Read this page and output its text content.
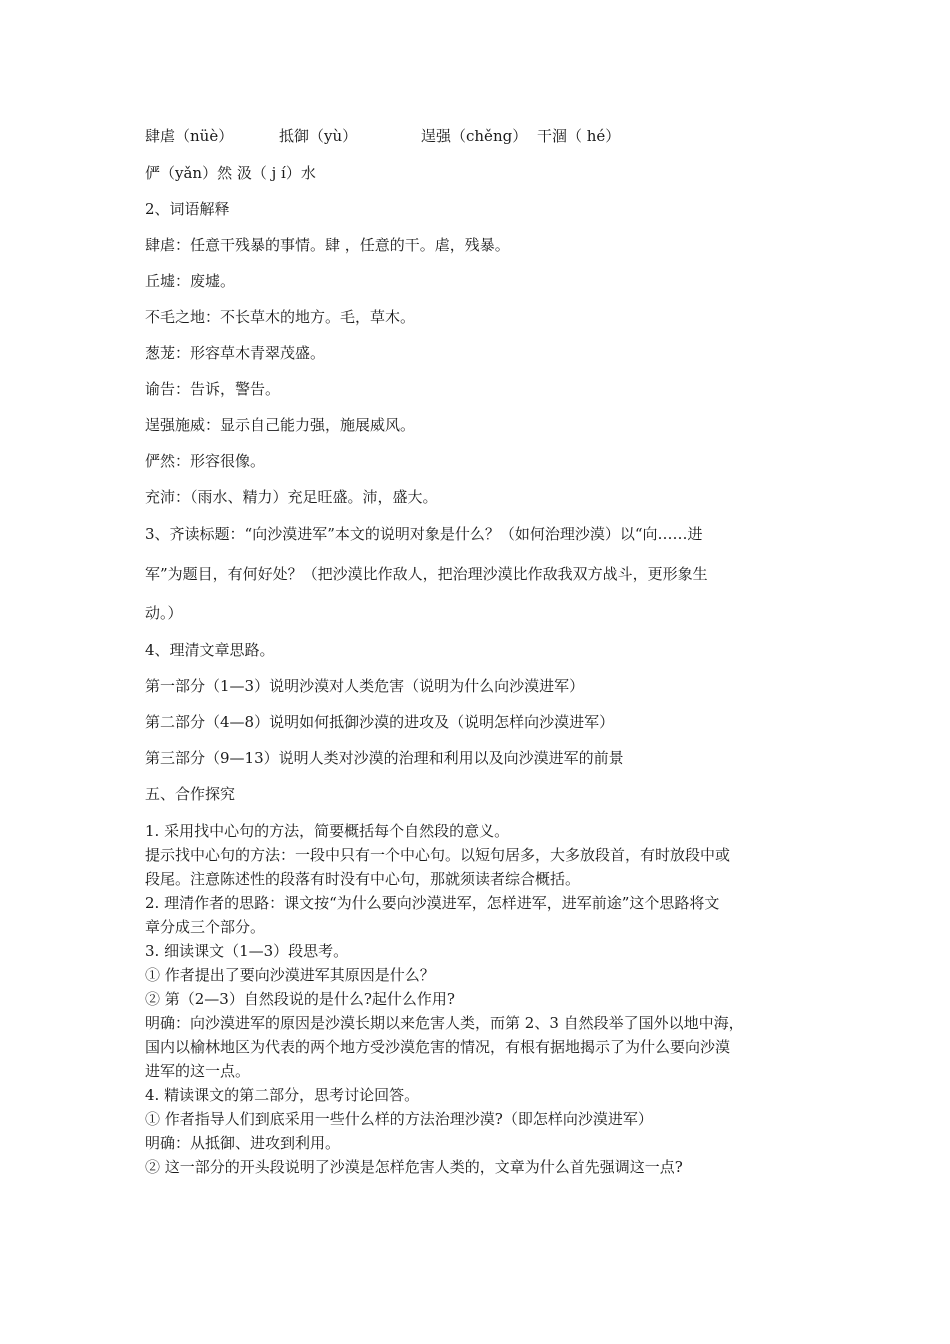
肆虐（nüè）	抵御（yù）	逞强（chěng） 干涸（ hé）
俨（yǎn）然 汲（ j í）水
2、词语解释
肆虐：任意干残暴的事情。肆 ，任意的干。虐，残暴。
丘墟：废墟。
不毛之地：不长草木的地方。毛，草木。
葱茏：形容草木青翠茂盛。
谕告：告诉，警告。
逞强施威：显示自己能力强，施展威风。
俨然：形容很像。
充沛：（雨水、精力）充足旺盛。沛，盛大。
3、齐读标题：“向沙漠进军”本文的说明对象是什么？（如何治理沙漠）以“向……进
军”为题目，有何好处？（把沙漠比作敌人，把治理沙漠比作敌我双方战斗，更形象生
动。）
4、理清文章思路。
第一部分（1—3）说明沙漠对人类危害（说明为什么向沙漠进军）
第二部分（4—8）说明如何抵御沙漠的进攻及（说明怎样向沙漠进军）
第三部分（9—13）说明人类对沙漠的治理和利用以及向沙漠进军的前景
五、合作探究
1. 采用找中心句的方法，简要概括每个自然段的意义。
提示找中心句的方法：一段中只有一个中心句。以短句居多，大多放段首，有时放段中或
段尾。注意陈述性的段落有时没有中心句，那就须读者综合概括。
2. 理清作者的思路：课文按“为什么要向沙漠进军，怎样进军，进军前途”这个思路将文
章分成三个部分。
3. 细读课文（1—3）段思考。
① 作者提出了要向沙漠进军其原因是什么？
② 第（2—3）自然段说的是什么?起什么作用?
明确：向沙漠进军的原因是沙漠长期以来危害人类，而第 2、3 自然段举了国外以地中海，
国内以榆林地区为代表的两个地方受沙漠危害的情况，有根有据地揭示了为什么要向沙漠
进军的这一点。
4. 精读课文的第二部分，思考讨论回答。
① 作者指导人们到底采用一些什么样的方法治理沙漠?（即怎样向沙漠进军）
明确：从抵御、进攻到利用。
② 这一部分的开头段说明了沙漠是怎样危害人类的，文章为什么首先强调这一点?
